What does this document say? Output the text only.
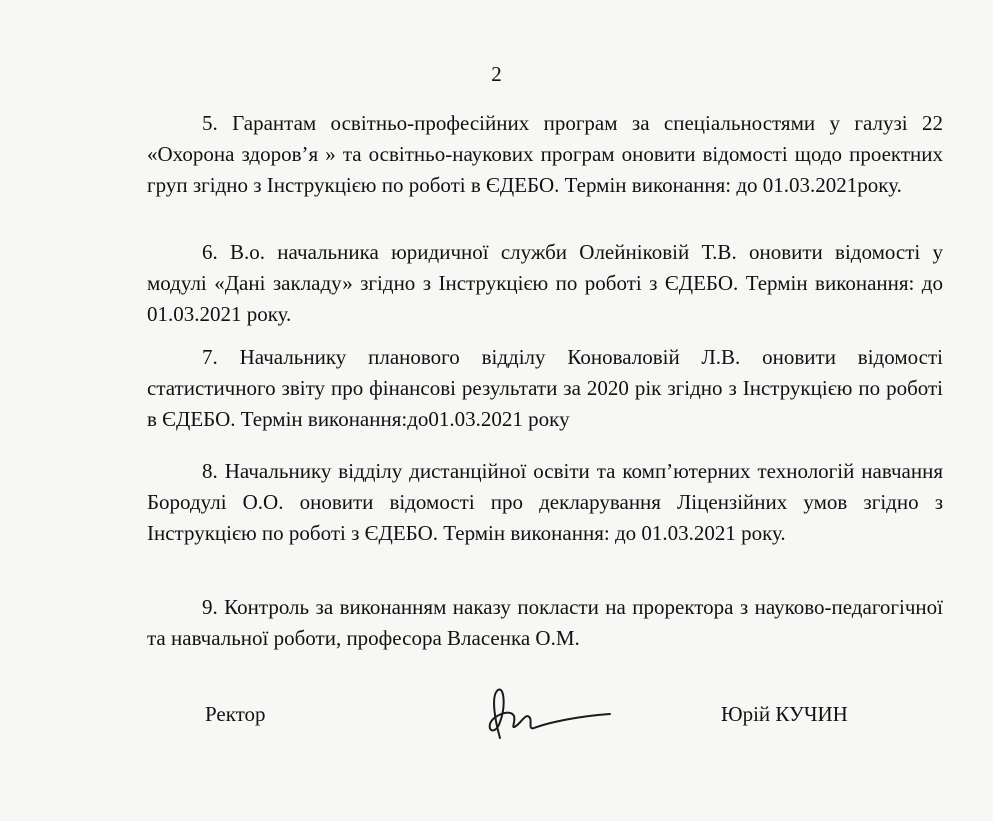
2

5. Гарантам освітньо-професійних програм за спеціальностями у галузі 22 «Охорона здоров’я » та освітньо-наукових програм оновити відомості щодо проектних груп згідно з Інструкцією по роботі в ЄДЕБО. Термін виконання: до 01.03.2021року.

6. В.о. начальника юридичної служби Олейніковій Т.В. оновити відомості у модулі «Дані закладу» згідно з Інструкцією по роботі з ЄДЕБО. Термін виконання: до 01.03.2021 року.

7. Начальнику планового відділу Коноваловій Л.В. оновити відомості статистичного звіту про фінансові результати за 2020 рік згідно з Інструкцією по роботі в ЄДЕБО. Термін виконання:до01.03.2021 року

8. Начальнику відділу дистанційної освіти та комп’ютерних технологій навчання Бородулі О.О. оновити відомості про декларування Ліцензійних умов згідно з Інструкцією по роботі з ЄДЕБО. Термін виконання: до 01.03.2021 року.

9. Контроль за виконанням наказу покласти на проректора з науково-педагогічної та навчальної роботи, професора Власенка О.М.

Ректор	Юрій КУЧИН
